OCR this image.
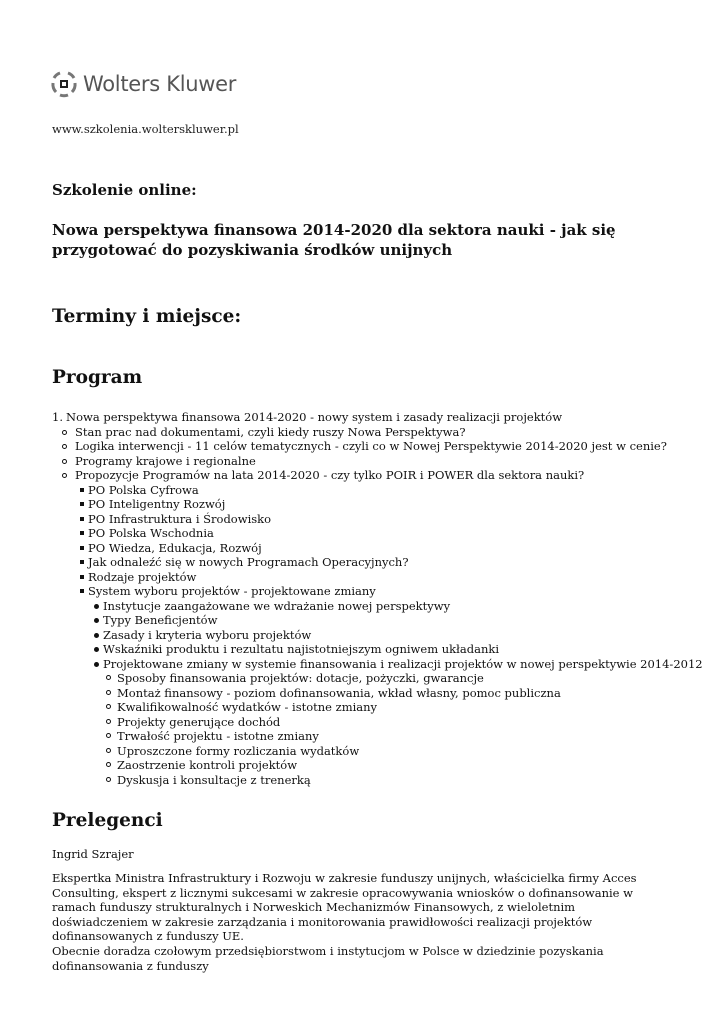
Wolters Kluwer
www.szkolenia.wolterskluwer.pl
Szkolenie online:
Nowa perspektywa finansowa 2014-2020 dla sektora nauki - jak się przygotować do pozyskiwania środków unijnych
Terminy i miejsce:
Program
1. Nowa perspektywa finansowa 2014-2020 - nowy system i zasady realizacji projektów
Stan prac nad dokumentami, czyli kiedy ruszy Nowa Perspektywa?
Logika interwencji - 11 celów tematycznych - czyli co w Nowej Perspektywie 2014-2020 jest w cenie?
Programy krajowe i regionalne
Propozycje Programów na lata 2014-2020 - czy tylko POIR i POWER dla sektora nauki?
PO Polska Cyfrowa
PO Inteligentny Rozwój
PO Infrastruktura i Środowisko
PO Polska Wschodnia
PO Wiedza, Edukacja, Rozwój
Jak odnaleźć się w nowych Programach Operacyjnych?
Rodzaje projektów
System wyboru projektów - projektowane zmiany
Instytucje zaangażowane we wdrażanie nowej perspektywy
Typy Beneficjentów
Zasady i kryteria wyboru projektów
Wskaźniki produktu i rezultatu najistotniejszym ogniwem układanki
Projektowane zmiany w systemie finansowania i realizacji projektów w nowej perspektywie 2014-2012
Sposoby finansowania projektów: dotacje, pożyczki, gwarancje
Montaż finansowy - poziom dofinansowania, wkład własny, pomoc publiczna
Kwalifikowalność wydatków - istotne zmiany
Projekty generujące dochód
Trwałość projektu - istotne zmiany
Uproszczone formy rozliczania wydatków
Zaostrzenie kontroli projektów
Dyskusja i konsultacje z trenerką
Prelegenci

Ingrid Szrajer

Ekspertka Ministra Infrastruktury i Rozwoju w zakresie funduszy unijnych, właścicielka firmy Acces Consulting, ekspert z licznymi sukcesami w zakresie opracowywania wniosków o dofinansowanie w ramach funduszy strukturalnych i Norweskich Mechanizmów Finansowych, z wieloletnim doświadczeniem w zakresie zarządzania i monitorowania prawidłowości realizacji projektów dofinansowanych z funduszy UE.

Obecnie doradza czołowym przedsiębiorstwom i instytucjom w Polsce w dziedzinie pozyskania dofinansowania z funduszy
